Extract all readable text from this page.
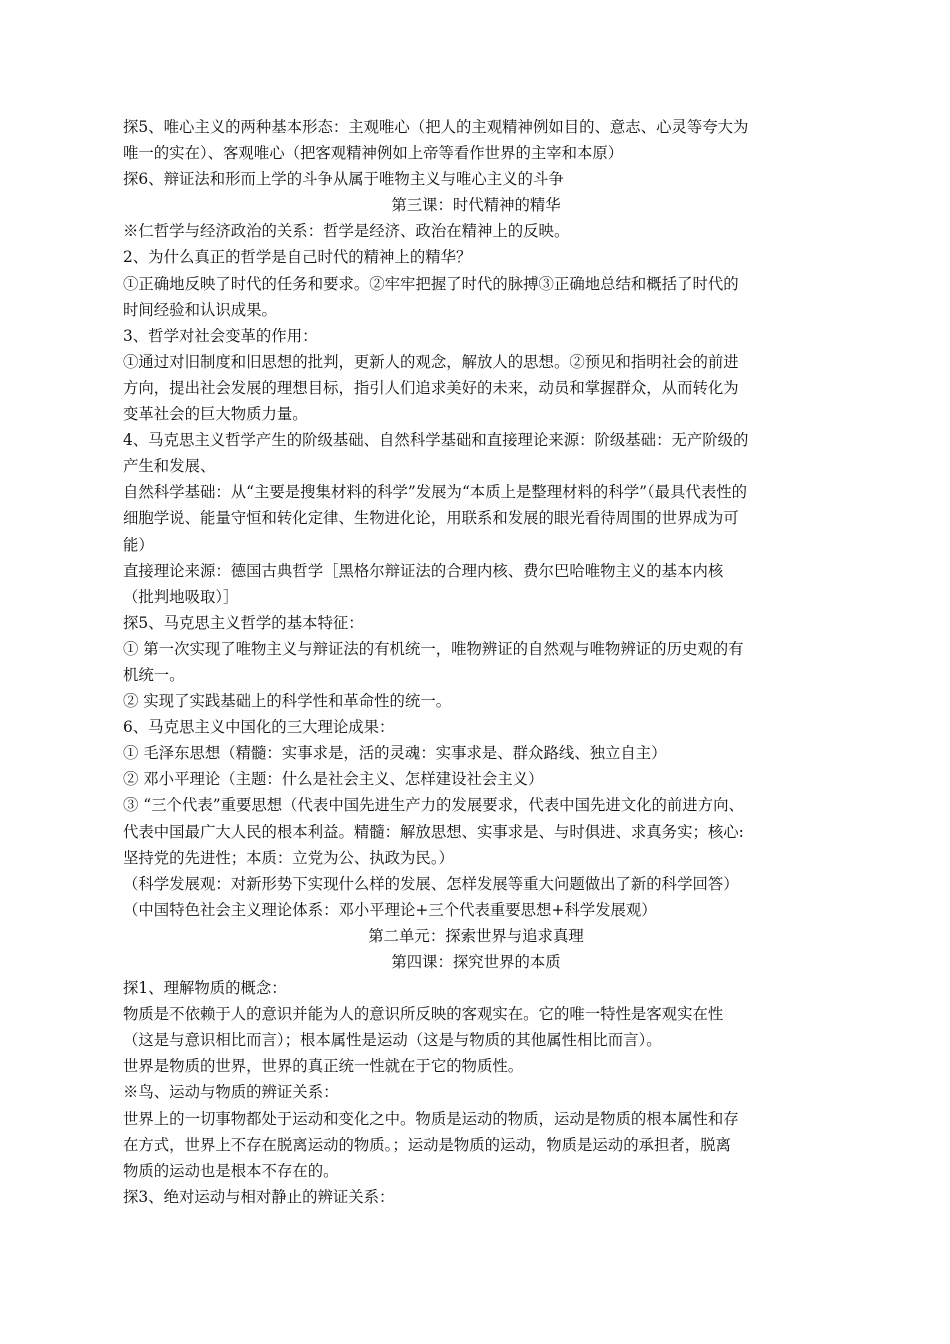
探5、唯心主义的两种基本形态：主观唯心（把人的主观精神例如目的、意志、心灵等夸大为

唯一的实在）、客观唯心（把客观精神例如上帝等看作世界的主宰和本原）

探6、辩证法和形而上学的斗争从属于唯物主义与唯心主义的斗争

第三课：时代精神的精华

※仁哲学与经济政治的关系：哲学是经济、政治在精神上的反映。

2、为什么真正的哲学是自己时代的精神上的精华？

①正确地反映了时代的任务和要求。②牢牢把握了时代的脉搏③正确地总结和概括了时代的

时间经验和认识成果。

3、哲学对社会变革的作用：

①通过对旧制度和旧思想的批判，更新人的观念，解放人的思想。②预见和指明社会的前进

方向，提出社会发展的理想目标，指引人们追求美好的未来，动员和掌握群众，从而转化为

变革社会的巨大物质力量。

4、马克思主义哲学产生的阶级基础、自然科学基础和直接理论来源：阶级基础：无产阶级的

产生和发展、

自然科学基础：从“主要是搜集材料的科学”发展为“本质上是整理材料的科学”（最具代表性的

细胞学说、能量守恒和转化定律、生物进化论，用联系和发展的眼光看待周围的世界成为可

能）

直接理论来源：德国古典哲学［黑格尔辩证法的合理内核、费尔巴哈唯物主义的基本内核

（批判地吸取）］

探5、马克思主义哲学的基本特征：

① 第一次实现了唯物主义与辩证法的有机统一，唯物辨证的自然观与唯物辨证的历史观的有

机统一。

② 实现了实践基础上的科学性和革命性的统一。

6、马克思主义中国化的三大理论成果：

① 毛泽东思想（精髓：实事求是，活的灵魂：实事求是、群众路线、独立自主）

② 邓小平理论（主题：什么是社会主义、怎样建设社会主义）

③ “三个代表”重要思想（代表中国先进生产力的发展要求，代表中国先进文化的前进方向、

代表中国最广大人民的根本利益。精髓：解放思想、实事求是、与时俱进、求真务实；核心:

坚持党的先进性；本质：立党为公、执政为民。）

（科学发展观：对新形势下实现什么样的发展、怎样发展等重大问题做出了新的科学回答）

（中国特色社会主义理论体系：邓小平理论+三个代表重要思想+科学发展观）

第二单元：探索世界与追求真理

第四课：探究世界的本质

探1、理解物质的概念：

物质是不依赖于人的意识并能为人的意识所反映的客观实在。它的唯一特性是客观实在性

（这是与意识相比而言）；根本属性是运动（这是与物质的其他属性相比而言）。

世界是物质的世界，世界的真正统一性就在于它的物质性。

※鸟、运动与物质的辨证关系：

世界上的一切事物都处于运动和变化之中。物质是运动的物质，运动是物质的根本属性和存

在方式，世界上不存在脱离运动的物质。；运动是物质的运动，物质是运动的承担者，脱离

物质的运动也是根本不存在的。

探3、绝对运动与相对静止的辨证关系：
